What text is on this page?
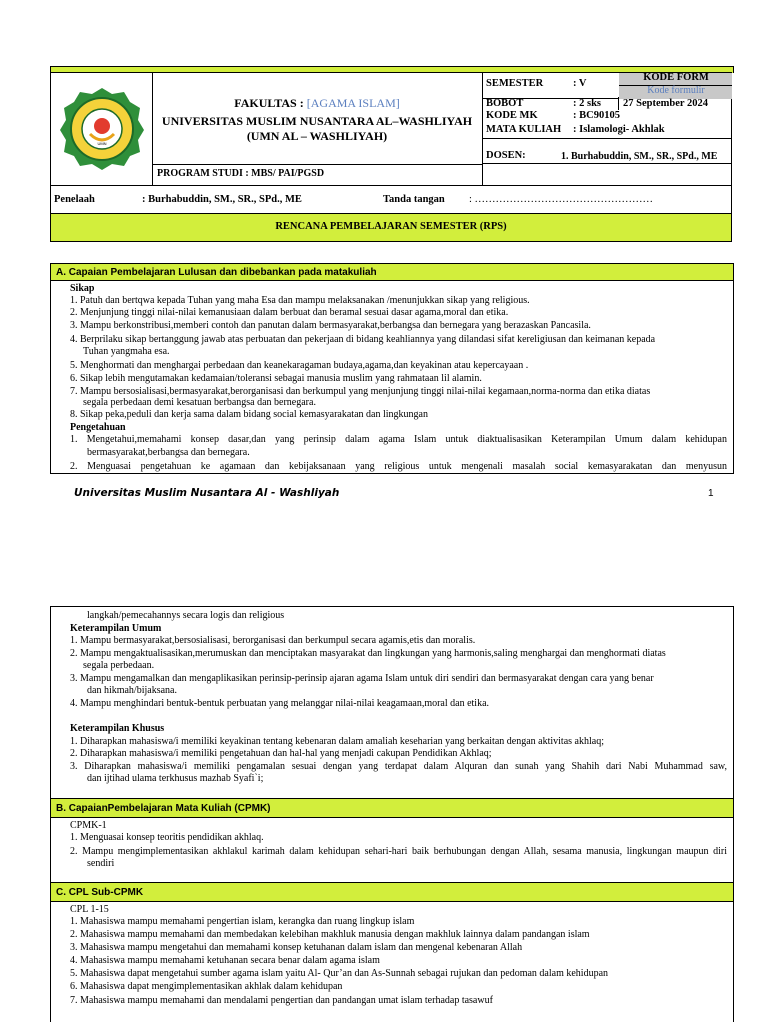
UMN
FAKULTAS : [AGAMA ISLAM]
UNIVERSITAS MUSLIM NUSANTARA AL–WASHLIYAH
(UMN AL – WASHLIYAH)
PROGRAM STUDI : MBS/ PAI/PGSD
SEMESTER	: V
KODE FORM
Kode formulir
BOBOT	: 2 sks 27 September 2024
KODE MK	: BC90105
MATA KULIAH : Islamologi- Akhlak
DOSEN:	1. Burhabuddin, SM., SR., SPd., ME
Penelaah	: Burhabuddin, SM., SR., SPd., ME	Tanda tangan : ……………………………………………
RENCANA PEMBELAJARAN SEMESTER (RPS)
A. Capaian Pembelajaran Lulusan dan dibebankan pada matakuliah
Sikap
1. Patuh dan bertqwa kepada Tuhan yang maha Esa dan mampu melaksanakan /menunjukkan sikap yang religious.
2. Menjunjung tinggi nilai-nilai kemanusiaan dalam berbuat dan beramal sesuai dasar agama,moral dan etika.
3. Mampu berkonstribusi,memberi contoh dan panutan dalam bermasyarakat,berbangsa dan bernegara yang berazaskan Pancasila.
4. Berprilaku sikap bertanggung jawab atas perbuatan dan pekerjaan di bidang keahliannya yang dilandasi sifat kereligiusan dan keimanan kepada
Tuhan yangmaha esa.
5. Menghormati dan menghargai perbedaan dan keanekaragaman budaya,agama,dan keyakinan atau kepercayaan .
6. Sikap lebih mengutamakan kedamaian/toleransi sebagai manusia muslim yang rahmataan lil alamin.
7. Mampu bersosialisasi,bermasyarakat,berorganisasi dan berkumpul yang menjunjung tinggi nilai-nilai kegamaan,norma-norma dan etika diatas
segala perbedaan demi kesatuan berbangsa dan bernegara.
8. Sikap peka,peduli dan kerja sama dalam bidang social kemasyarakatan dan lingkungan
Pengetahuan
1. Mengetahui,memahami konsep dasar,dan yang perinsip dalam agama Islam untuk diaktualisasikan Keterampilan Umum dalam kehidupan
bermasyarakat,berbangsa dan bernegara.
2. Menguasai pengetahuan ke agamaan dan kebijaksanaan yang religious untuk mengenali masalah social kemasyarakatan dan menyusun
Universitas Muslim Nusantara Al - Washliyah	1
langkah/pemecahannys secara logis dan religious
Keterampilan Umum
1. Mampu bermasyarakat,bersosialisasi, berorganisasi dan berkumpul secara agamis,etis dan moralis.
2. Mampu mengaktualisasikan,merumuskan dan menciptakan masyarakat dan lingkungan yang harmonis,saling menghargai dan menghormati diatas
segala perbedaan.
3. Mampu mengamalkan dan mengaplikasikan perinsip-perinsip ajaran agama Islam untuk diri sendiri dan bermasyarakat dengan cara yang benar
dan hikmah/bijaksana.
4. Mampu menghindari bentuk-bentuk perbuatan yang melanggar nilai-nilai keagamaan,moral dan etika.
Keterampilan Khusus
1. Diharapkan mahasiswa/i memiliki keyakinan tentang kebenaran dalam amaliah keseharian yang berkaitan dengan aktivitas akhlaq;
2. Diharapkan mahasiswa/i memiliki pengetahuan dan hal-hal yang menjadi cakupan Pendidikan Akhlaq;
3. Diharapkan mahasiswa/i memiliki pengamalan sesuai dengan yang terdapat dalam Alquran dan sunah yang Shahih dari Nabi Muhammad saw,
dan ijtihad ulama terkhusus mazhab Syafi`i;
B. CapaianPembelajaran Mata Kuliah (CPMK)
CPMK-1
1. Menguasai konsep teoritis pendidikan akhlaq.
2. Mampu mengimplementasikan akhlakul karimah dalam kehidupan sehari-hari baik berhubungan dengan Allah, sesama manusia, lingkungan maupun diri
sendiri
C. CPL Sub-CPMK
CPL 1-15
1. Mahasiswa mampu memahami pengertian islam, kerangka dan ruang lingkup islam
2. Mahasiswa mampu memahami dan membedakan kelebihan makhluk manusia dengan makhluk lainnya dalam pandangan islam
3. Mahasiswa mampu mengetahui dan memahami konsep ketuhanan dalam islam dan mengenal kebenaran Allah
4. Mahasiswa mampu memahami ketuhanan secara benar dalam agama islam
5. Mahasiswa dapat mengetahui sumber agama islam yaitu Al- Qur’an dan As-Sunnah sebagai rujukan dan pedoman dalam kehidupan
6. Mahasiswa dapat mengimplementasikan akhlak dalam kehidupan
7. Mahasiswa mampu memahami dan mendalami pengertian dan pandangan umat islam terhadap tasawuf
